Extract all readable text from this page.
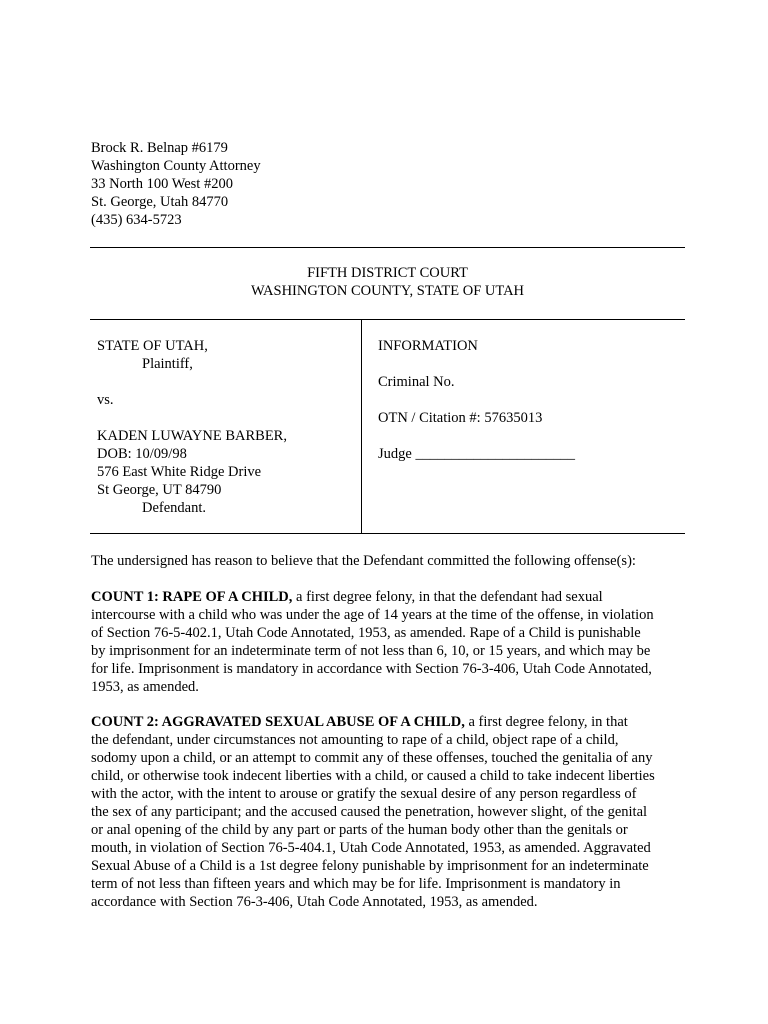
Brock R. Belnap #6179
Washington County Attorney
33 North 100 West #200
St. George, Utah 84770
(435) 634-5723
FIFTH DISTRICT COURT
WASHINGTON COUNTY, STATE OF UTAH
STATE OF UTAH,
Plaintiff,
vs.
KADEN LUWAYNE BARBER,
DOB: 10/09/98
576 East White Ridge Drive
St George, UT 84790
Defendant.
INFORMATION
Criminal No.
OTN / Citation #: 57635013
Judge ______________________
The undersigned has reason to believe that the Defendant committed the following offense(s):
COUNT 1: RAPE OF A CHILD, a first degree felony, in that the defendant had sexual
intercourse with a child who was under the age of 14 years at the time of the offense, in violation
of Section 76-5-402.1, Utah Code Annotated, 1953, as amended. Rape of a Child is punishable
by imprisonment for an indeterminate term of not less than 6, 10, or 15 years, and which may be
for life. Imprisonment is mandatory in accordance with Section 76-3-406, Utah Code Annotated,
1953, as amended.
COUNT 2: AGGRAVATED SEXUAL ABUSE OF A CHILD, a first degree felony, in that
the defendant, under circumstances not amounting to rape of a child, object rape of a child,
sodomy upon a child, or an attempt to commit any of these offenses, touched the genitalia of any
child, or otherwise took indecent liberties with a child, or caused a child to take indecent liberties
with the actor, with the intent to arouse or gratify the sexual desire of any person regardless of
the sex of any participant; and the accused caused the penetration, however slight, of the genital
or anal opening of the child by any part or parts of the human body other than the genitals or
mouth, in violation of Section 76-5-404.1, Utah Code Annotated, 1953, as amended. Aggravated
Sexual Abuse of a Child is a 1st degree felony punishable by imprisonment for an indeterminate
term of not less than fifteen years and which may be for life. Imprisonment is mandatory in
accordance with Section 76-3-406, Utah Code Annotated, 1953, as amended.
